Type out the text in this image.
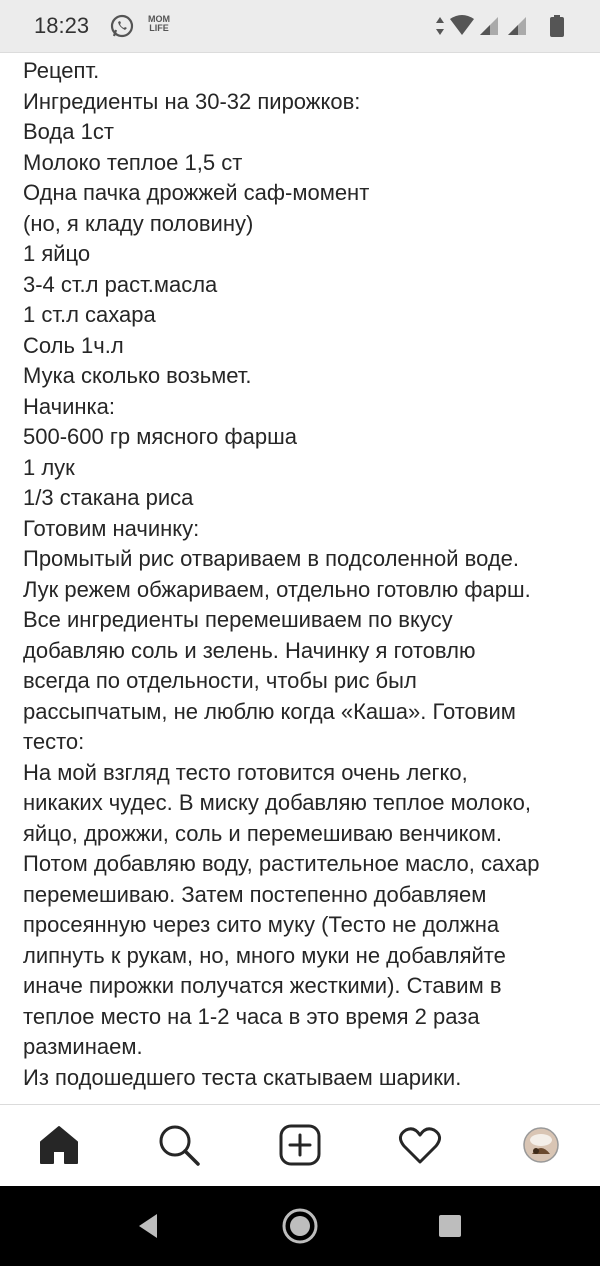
18:23	MOM
LIFE
Рецепт.
Ингредиенты на 30-32 пирожков:
Вода 1ст
Молоко теплое 1,5 ст
Одна пачка дрожжей саф-момент
(но, я кладу половину)
1 яйцо
3-4 ст.л раст.масла
1 ст.л сахара
Соль 1ч.л
Мука сколько возьмет.
Начинка:
500-600 гр мясного фарша
1 лук
1/3 стакана риса
Готовим начинку:
Промытый рис отвариваем в подсоленной воде.
Лук режем обжариваем, отдельно готовлю фарш.
Все ингредиенты перемешиваем по вкусу
добавляю соль и зелень. Начинку я готовлю
всегда по отдельности, чтобы рис был
рассыпчатым, не люблю когда «Каша». Готовим
тесто:
На мой взгляд тесто готовится очень легко,
никаких чудес. В миску добавляю теплое молоко,
яйцо, дрожжи, соль и перемешиваю венчиком.
Потом добавляю воду, растительное масло, сахар
перемешиваю. Затем постепенно добавляем
просеянную через сито муку (Тесто не должна
липнуть к рукам, но, много муки не добавляйте
иначе пирожки получатся жесткими). Ставим в
теплое место на 1-2 часа в это время 2 раза
разминаем.
Из подошедшего теста скатываем шарики.
